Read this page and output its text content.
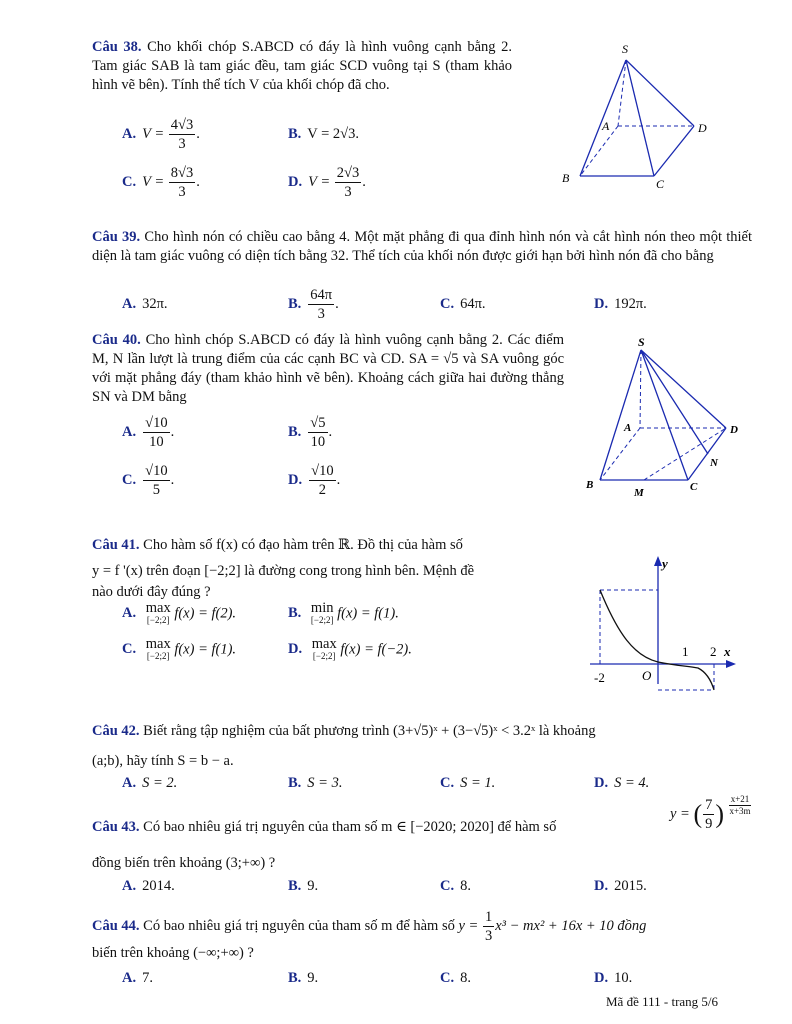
Câu 38. Cho khối chóp S.ABCD có đáy là hình vuông cạnh bằng 2. Tam giác SAB là tam giác đều, tam giác SCD vuông tại S (tham khảo hình vẽ bên). Tính thể tích V của khối chóp đã cho.
A. $V = \frac{4√3}{3}$ .	B. V = 2√3.
C. $V = \frac{8√3}{3}$ .	D. $V = \frac{2√3}{3}$ .
S
A
B	C
D
Câu 39. Cho hình nón có chiều cao bằng 4. Một mặt phẳng đi qua đỉnh hình nón và cắt hình nón theo một thiết diện là tam giác vuông có diện tích bằng 32. Thể tích của khối nón được giới hạn bởi hình nón đã cho bằng
A. 32π.	B. $\frac{64\pi}{3}$ .	C. 64π.	D. 192π.
Câu 40. Cho hình chóp S.ABCD có đáy là hình vuông cạnh bằng 2. Các điểm M, N lần lượt là trung điểm của các cạnh BC và CD. SA = √5 và SA vuông góc với mặt phẳng đáy (tham khảo hình vẽ bên). Khoảng cách giữa hai đường thẳng SN và DM bằng
A. $\frac{√10}{10}$ .	B. $\frac{√5}{10}$ .
C. $\frac{√10}{5}$ .	D. $\frac{√10}{2}$ .
S
A
B	C
D
M
N
Câu 41. Cho hàm số f(x) có đạo hàm trên ℝ. Đồ thị của hàm số
y = f '(x) trên đoạn [−2;2] là đường cong trong hình bên. Mệnh đề
nào dưới đây đúng ?
A. max
[−2;2] f(x) = f(2).	B. min
[−2;2] f(x) = f(1).
C. max
[−2;2] f(x) = f(1).	D. max
[−2;2] f(x) = f(−2).
y
x
1 2
-2	O
Câu 42. Biết rằng tập nghiệm của bất phương trình (3+√5)ˣ + (3−√5)ˣ < 3.2ˣ là khoảng
(a;b), hãy tính S = b − a.
A. S = 2.	B. S = 3.	C. S = 1.	D. S = 4.
Câu 43. Có bao nhiêu giá trị nguyên của tham số m ∈ [−2020; 2020] để hàm số
y = ( $\frac{7}{9}$ ) $\frac{x+21}{x+3m}$
đồng biến trên khoảng (3;+∞) ?
A. 2014.	B. 9.	C. 8.	D. 2015.
Câu 44. Có bao nhiêu giá trị nguyên của tham số m để hàm số $y = \frac{1}{3} x^3 - mx^2 + 16x + 10$ đồng
biến trên khoảng (−∞;+∞) ?
A. 7.	B. 9.	C. 8.	D. 10.
Mã đề 111 - trang 5/6
